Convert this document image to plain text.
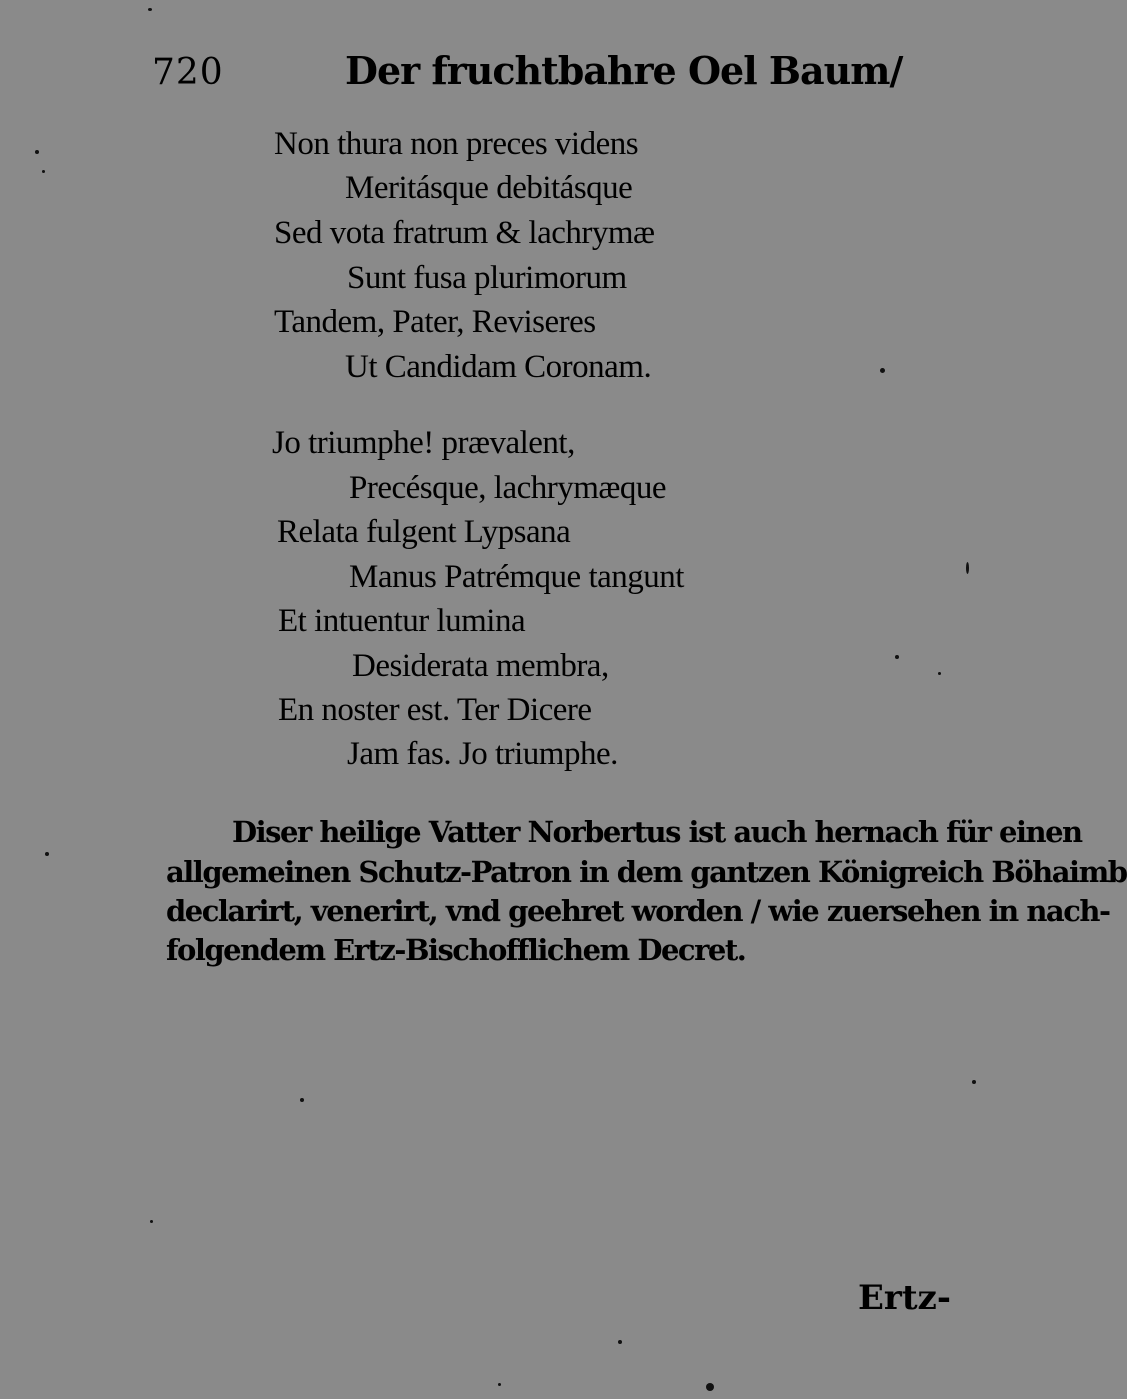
720	Der fruchtbahre Oel Baum/
Non thura non preces videns
Meritásque debitásque
Sed vota fratrum & lachrymæ
Sunt fusa plurimorum
Tandem, Pater, Reviseres
Ut Candidam Coronam.
Jo triumphe! prævalent,
Precésque, lachrymæque
Relata fulgent Lypsana
Manus Patrémque tangunt
Et intuentur lumina
Desiderata membra,
En noster est. Ter Dicere
Jam fas. Jo triumphe.
Diser heilige Vatter Norbertus ist auch hernach für einen
allgemeinen Schutz-Patron in dem gantzen Königreich Böhaimb
declarirt, venerirt, vnd geehret worden / wie zuersehen in nach-
folgendem Ertz-Bischofflichem Decret.
Ertz-
